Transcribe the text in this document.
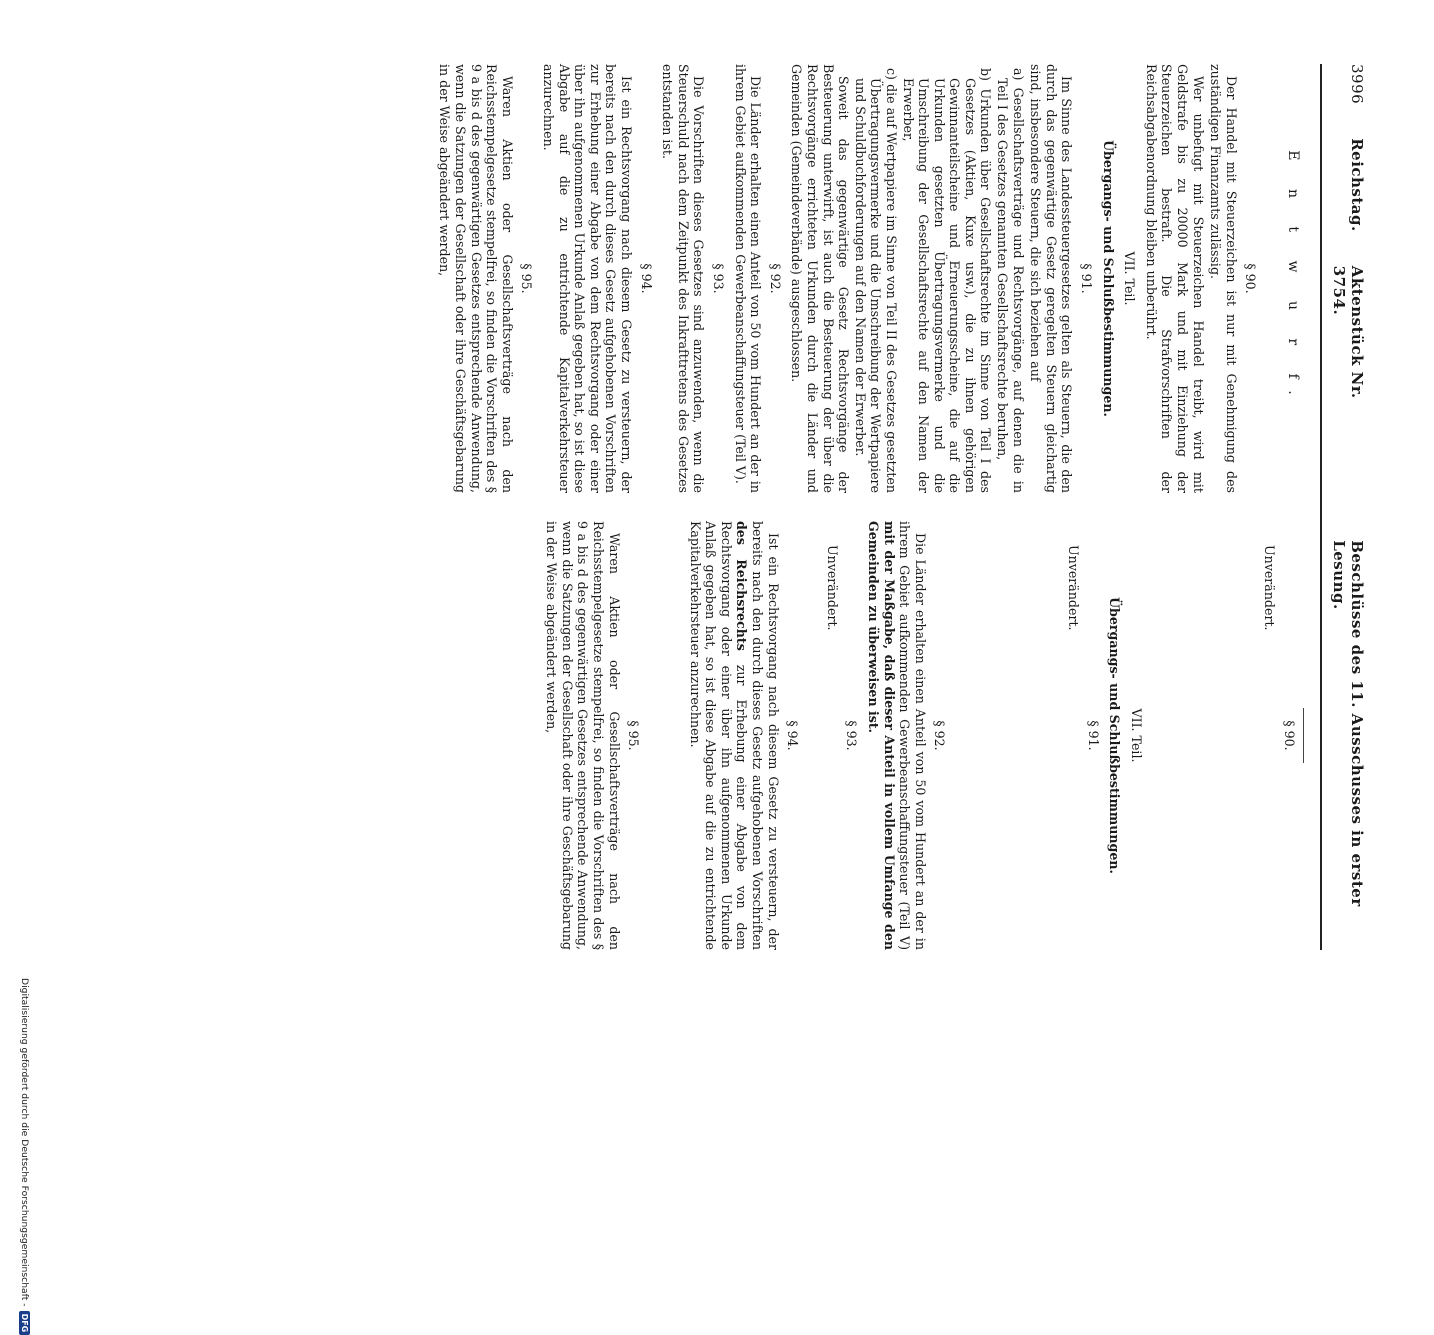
3996
Reichstag.
Aktenstück Nr. 3754.
Beschlüsse des 11. Ausschusses in erster Lesung.
E n t w u r f.
§ 90.

Der Handel mit Steuerzeichen ist nur mit Genehmigung des zuständigen Finanzamts zulässig.

Wer unbefugt mit Steuerzeichen Handel treibt, wird mit Geldstrafe bis zu 20000 Mark und mit Einziehung der Steuerzeichen bestraft. Die Strafvorschriften der Reichsabgabenordnung bleiben unberührt.

VII. Teil.
Übergangs- und Schlußbestimmungen.
§ 91.

Im Sinne des Landessteuergesetzes gelten als Steuern, die den durch das gegenwärtige Gesetz geregelten Steuern gleichartig sind, insbesondere Steuern, die sich beziehen auf

a) Gesellschaftsverträge und Rechtsvorgänge, auf denen die in Teil I des Gesetzes genannten Gesellschaftsrechte beruhen,

b) Urkunden über Gesellschaftsrechte im Sinne von Teil I des Gesetzes (Aktien, Kuxe usw.), die zu ihnen gehörigen Gewinnanteilscheine und Erneuerungsscheine, die auf die Urkunden gesetzten Übertragungsvermerke und die Umschreibung der Gesellschaftsrechte auf den Namen der Erwerber,

c) die auf Wertpapiere im Sinne von Teil II des Gesetzes gesetzten Übertragungsvermerke und die Umschreibung der Wertpapiere und Schuldbuchforderungen auf den Namen der Erwerber.

Soweit das gegenwärtige Gesetz Rechtsvorgänge der Besteuerung unterwirft, ist auch die Besteuerung der über die Rechtsvorgänge errichteten Urkunden durch die Länder und Gemeinden (Gemeindeverbände) ausgeschlossen.

§ 92.

Die Länder erhalten einen Anteil von 50 vom Hundert an der in ihrem Gebiet aufkommenden Gewerbeanschaffungsteuer (Teil V).

§ 93.

Die Vorschriften dieses Gesetzes sind anzuwenden, wenn die Steuerschuld nach dem Zeitpunkt des Inkrafttretens des Gesetzes entstanden ist.

§ 94.

Ist ein Rechtsvorgang nach diesem Gesetz zu versteuern, der bereits nach den durch dieses Gesetz aufgehobenen Vorschriften zur Erhebung einer Abgabe von dem Rechtsvorgang oder einer über ihn aufgenommenen Urkunde Anlaß gegeben hat, so ist diese Abgabe auf die zu entrichtende Kapitalverkehrsteuer anzurechnen.

§ 95.

Waren Aktien oder Gesellschaftsverträge nach den Reichsstempelgesetze stempelfrei, so finden die Vorschriften des § 9 a bis d des gegenwärtigen Gesetzes entsprechende Anwendung, wenn die Satzungen der Gesellschaft oder ihre Geschäftsgebarung in der Weise abgeändert werden,

§ 90.

Unverändert.

VII. Teil.
Übergangs- und Schlußbestimmungen.
§ 91.

Unverändert.

§ 92.

Die Länder erhalten einen Anteil von 50 vom Hundert an der in ihrem Gebiet aufkommenden Gewerbeanschaffungsteuer (Teil V) mit der Maßgabe, daß dieser Anteil in vollem Umfange den Gemeinden zu überweisen ist.

§ 93.

Unverändert.

§ 94.

Ist ein Rechtsvorgang nach diesem Gesetz zu versteuern, der bereits nach den durch dieses Gesetz aufgehobenen Vorschriften des Reichsrechts zur Erhebung einer Abgabe von dem Rechtsvorgang oder einer über ihn aufgenommenen Urkunde Anlaß gegeben hat, so ist diese Abgabe auf die zu entrichtende Kapitalverkehrsteuer anzurechnen.

§ 95.

Waren Aktien oder Gesellschaftsverträge nach den Reichsstempelgesetze stempelfrei, so finden die Vorschriften des § 9 a bis d des gegenwärtigen Gesetzes entsprechende Anwendung, wenn die Satzungen der Gesellschaft oder ihre Geschäftsgebarung in der Weise abgeändert werden,

Digitalisierung gefördert durch die Deutsche Forschungsgemeinschaft -DFG
